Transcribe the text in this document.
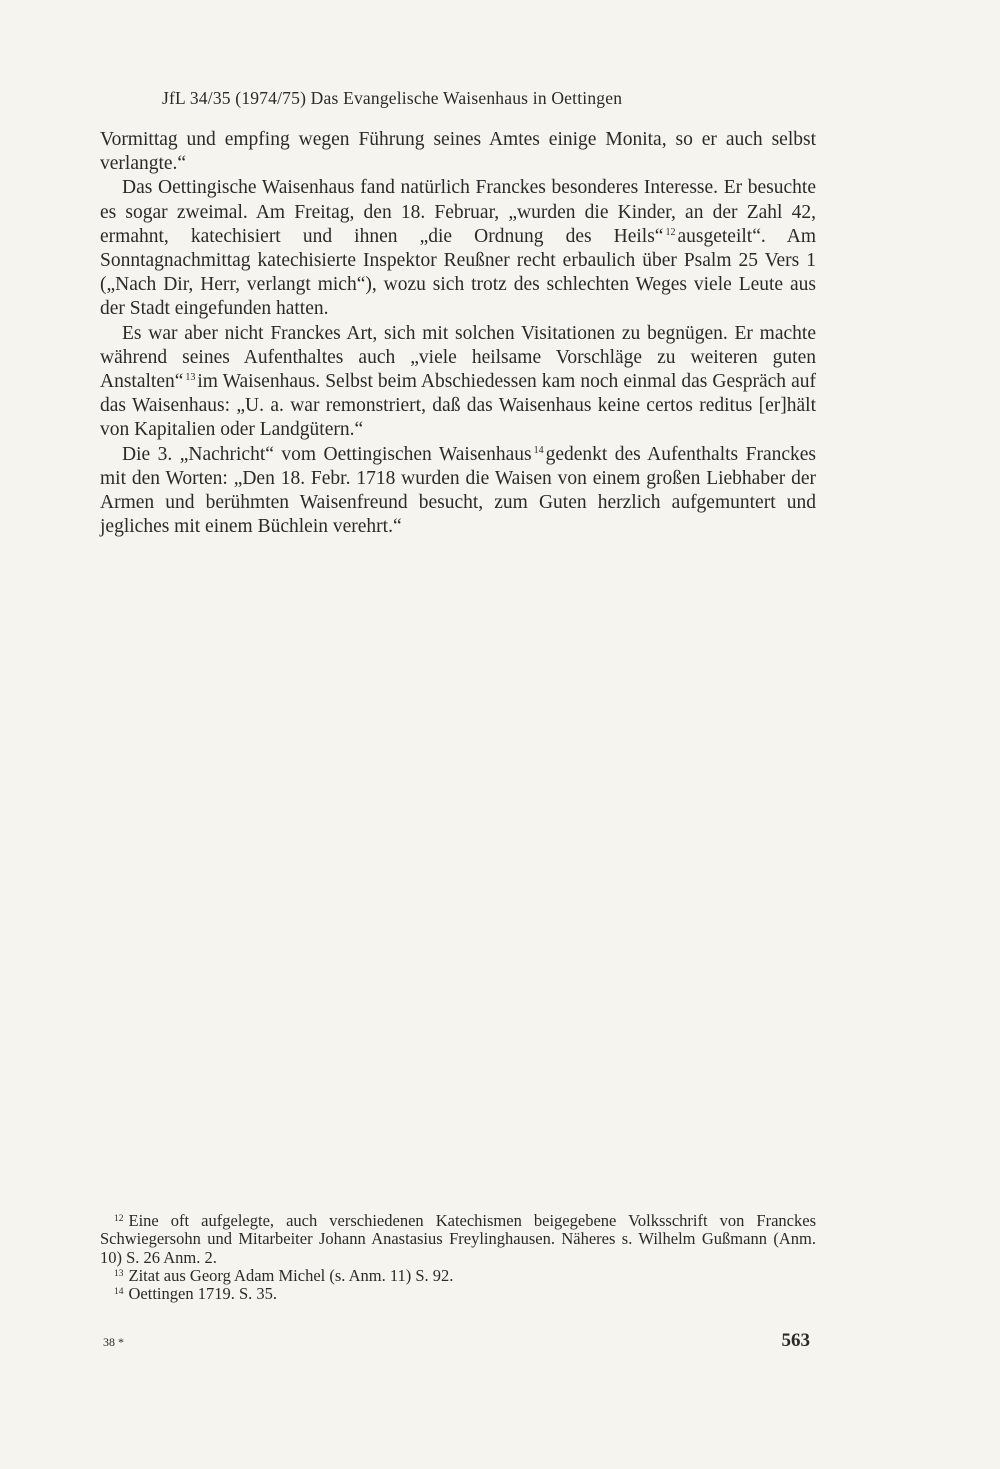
JfL 34/35 (1974/75) Das Evangelische Waisenhaus in Oettingen

Vormittag und empfing wegen Führung seines Amtes einige Monita, so er auch selbst verlangte.“

Das Oettingische Waisenhaus fand natürlich Franckes besonderes Interesse. Er besuchte es sogar zweimal. Am Freitag, den 18. Februar, „wurden die Kinder, an der Zahl 42, ermahnt, katechisiert und ihnen „die Ordnung des Heils“ $^{12}$ ausgeteilt“. Am Sonntagnachmittag katechisierte Inspektor Reußner recht erbaulich über Psalm 25 Vers 1 („Nach Dir, Herr, verlangt mich“), wozu sich trotz des schlechten Weges viele Leute aus der Stadt eingefunden hatten.

Es war aber nicht Franckes Art, sich mit solchen Visitationen zu begnügen. Er machte während seines Aufenthaltes auch „viele heilsame Vorschläge zu weiteren guten Anstalten“ $^{13}$ im Waisenhaus. Selbst beim Abschiedessen kam noch einmal das Gespräch auf das Waisenhaus: „U. a. war remonstriert, daß das Waisenhaus keine certos reditus [er]hält von Kapitalien oder Landgütern.“

Die 3. „Nachricht“ vom Oettingischen Waisenhaus $^{14}$ gedenkt des Aufenthalts Franckes mit den Worten: „Den 18. Febr. 1718 wurden die Waisen von einem großen Liebhaber der Armen und berühmten Waisenfreund besucht, zum Guten herzlich aufgemuntert und jegliches mit einem Büchlein verehrt.“

$^{12}$ Eine oft aufgelegte, auch verschiedenen Katechismen beigegebene Volksschrift von Franckes Schwiegersohn und Mitarbeiter Johann Anastasius Freylinghausen. Näheres s. Wilhelm Gußmann (Anm. 10) S. 26 Anm. 2.

$^{13}$ Zitat aus Georg Adam Michel (s. Anm. 11) S. 92.

$^{14}$ Oettingen 1719. S. 35.

38 *	563
